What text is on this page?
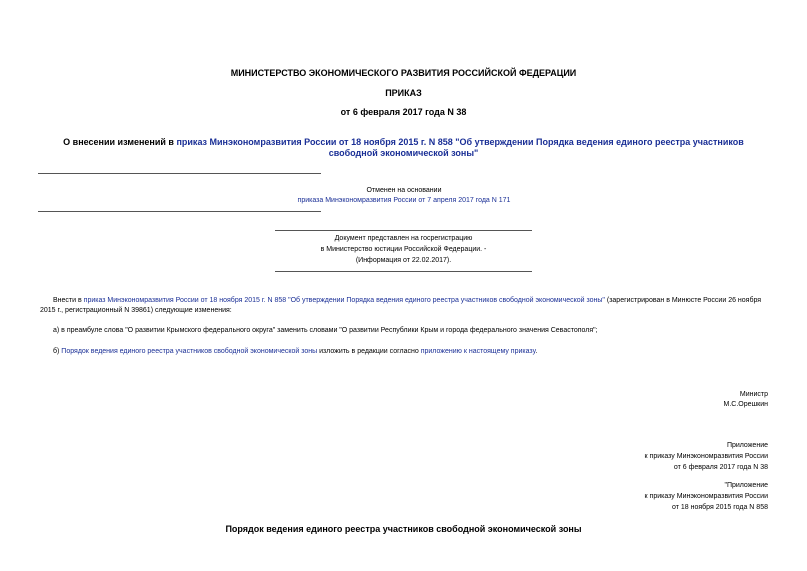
МИНИСТЕРСТВО ЭКОНОМИЧЕСКОГО РАЗВИТИЯ РОССИЙСКОЙ ФЕДЕРАЦИИ
ПРИКАЗ
от 6 февраля 2017 года N 38
О внесении изменений в приказ Минэкономразвития России от 18 ноября 2015 г. N 858 "Об утверждении Порядка ведения единого реестра участников свободной экономической зоны"
Отменен на основании
приказа Минэкономразвития России от 7 апреля 2017 года N 171
Документ представлен на госрегистрацию
в Министерство юстиции Российской Федерации. -
(Информация от 22.02.2017).
Внести в приказ Минэкономразвития России от 18 ноября 2015 г. N 858 "Об утверждении Порядка ведения единого реестра участников свободной экономической зоны" (зарегистрирован в Минюсте России 26 ноября 2015 г., регистрационный N 39861) следующие изменения:
а) в преамбуле слова "О развитии Крымского федерального округа" заменить словами "О развитии Республики Крым и города федерального значения Севастополя";
б) Порядок ведения единого реестра участников свободной экономической зоны изложить в редакции согласно приложению к настоящему приказу.
Министр
М.С.Орешкин
Приложение
к приказу Минэкономразвития России
от 6 февраля 2017 года N 38
"Приложение
к приказу Минэкономразвития России
от 18 ноября 2015 года N 858
Порядок ведения единого реестра участников свободной экономической зоны
